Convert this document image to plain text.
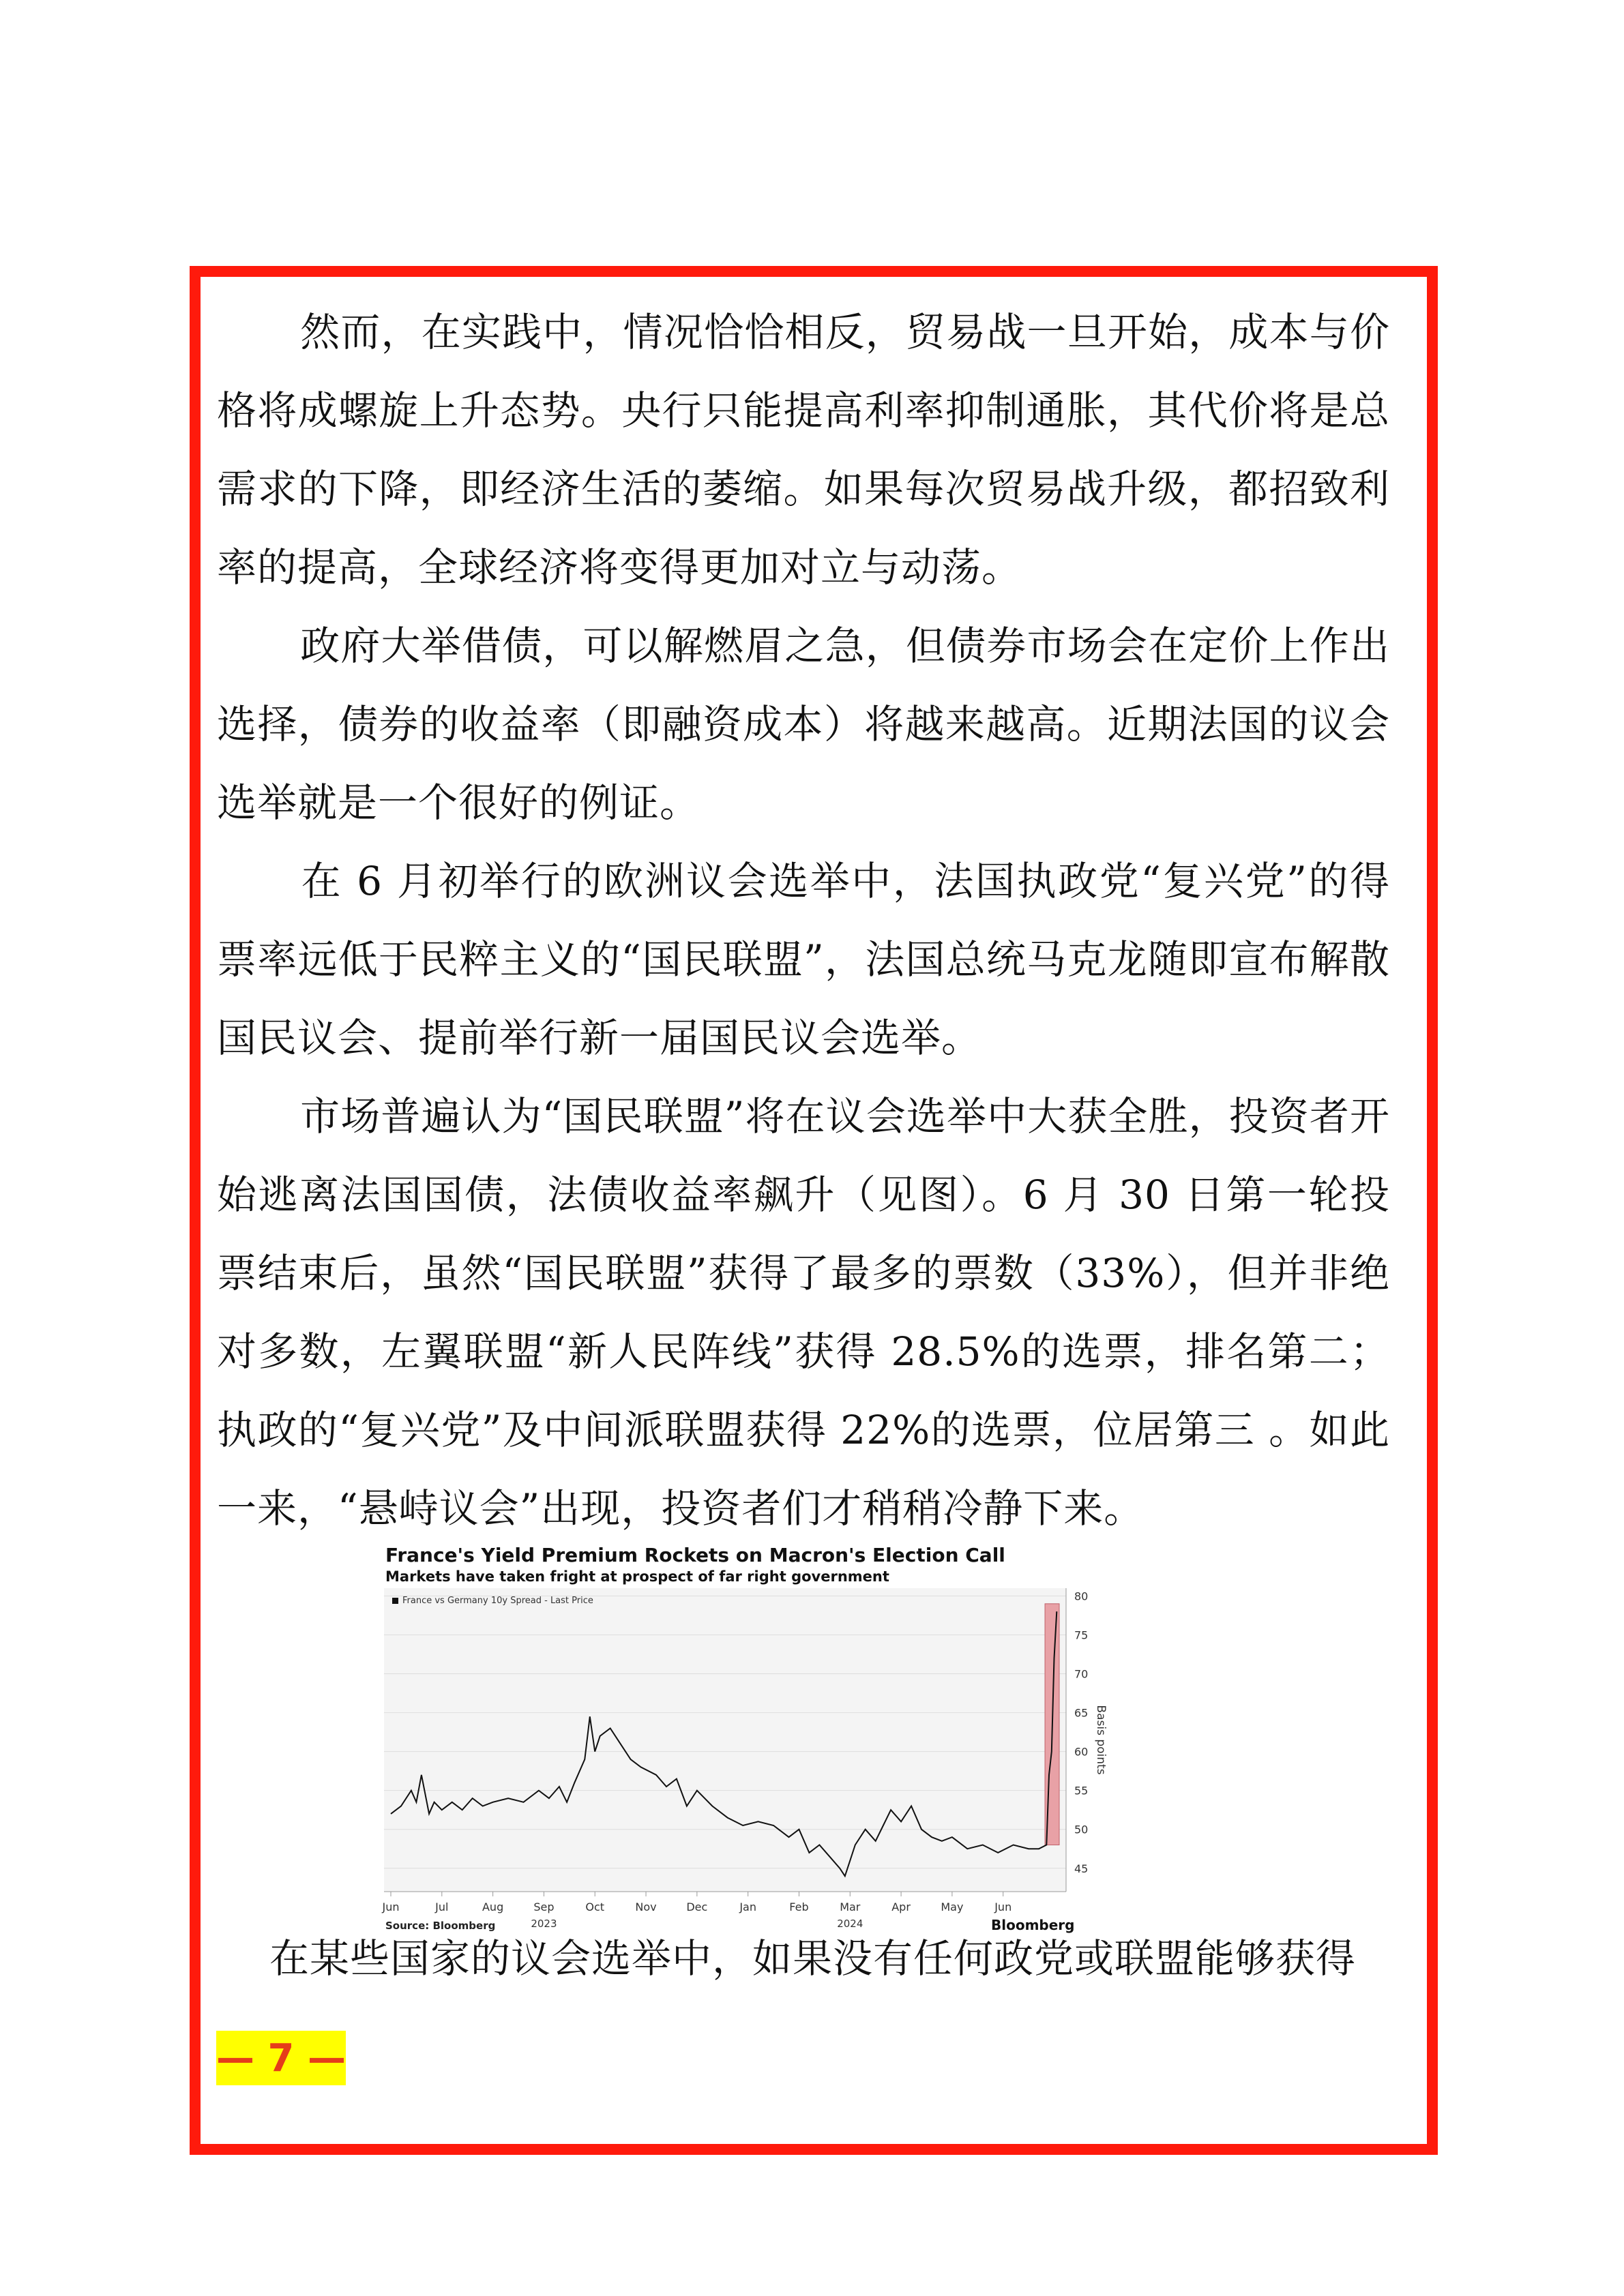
然而，在实践中，情况恰恰相反，贸易战一旦开始，成本与价格将成螺旋上升态势。央行只能提高利率抑制通胀，其代价将是总需求的下降，即经济生活的萎缩。如果每次贸易战升级，都招致利率的提高，全球经济将变得更加对立与动荡。

政府大举借债，可以解燃眉之急，但债券市场会在定价上作出选择，债券的收益率（即融资成本）将越来越高。近期法国的议会选举就是一个很好的例证。

在 6 月初举行的欧洲议会选举中，法国执政党“复兴党”的得票率远低于民粹主义的“国民联盟”，法国总统马克龙随即宣布解散国民议会、提前举行新一届国民议会选举。

市场普遍认为“国民联盟”将在议会选举中大获全胜，投资者开始逃离法国国债，法债收益率飙升（见图）。6 月 30 日第一轮投票结束后，虽然“国民联盟”获得了最多的票数（33%），但并非绝对多数，左翼联盟“新人民阵线”获得 28.5%的选票，排名第二；执政的“复兴党”及中间派联盟获得 22%的选票，位居第三 。如此一来，“悬峙议会”出现，投资者们才稍稍冷静下来。

France's Yield Premium Rockets on Macron's Election Call
Markets have taken fright at prospect of far right government
France vs Germany 10y Spread - Last Price
45
50
55
60
65
70
75
80
Basis points
Jun	Jul	Aug	Sep	Oct	Nov	Dec	Jan	Feb	Mar	Apr	May	Jun
2023	2024
Source: Bloomberg	Bloomberg

在某些国家的议会选举中，如果没有任何政党或联盟能够获得

— 7 —
